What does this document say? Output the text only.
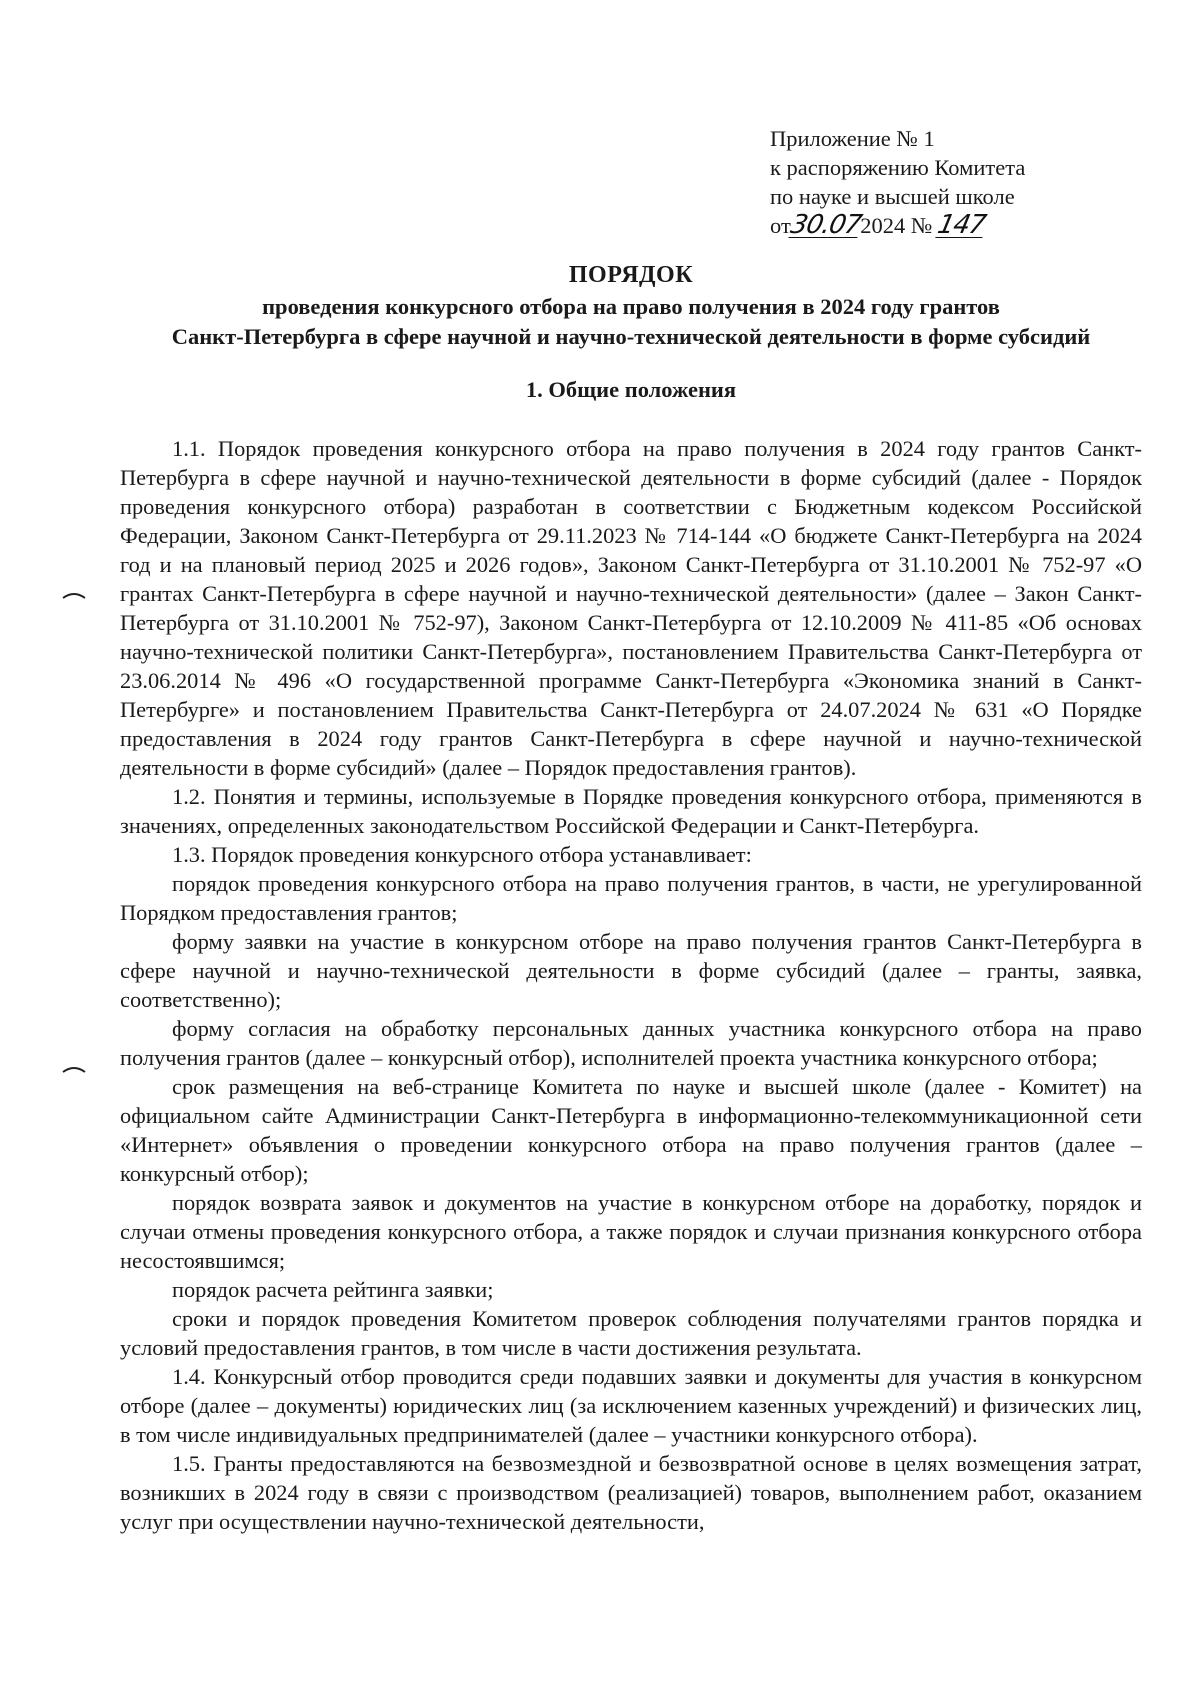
Приложение № 1
к распоряжению Комитета
по науке и высшей школе
от30.072024 № 147
ПОРЯДОК
проведения конкурсного отбора на право получения в 2024 году грантов
Санкт-Петербурга в сфере научной и научно-технической деятельности в форме субсидий
1. Общие положения

1.1. Порядок проведения конкурсного отбора на право получения в 2024 году грантов Санкт-Петербурга в сфере научной и научно-технической деятельности в форме субсидий (далее - Порядок проведения конкурсного отбора) разработан в соответствии с Бюджетным кодексом Российской Федерации, Законом Санкт-Петербурга от 29.11.2023 № 714-144 «О бюджете Санкт-Петербурга на 2024 год и на плановый период 2025 и 2026 годов», Законом Санкт-Петербурга от 31.10.2001 № 752-97 «О грантах Санкт-Петербурга в сфере научной и научно-технической деятельности» (далее – Закон Санкт-Петербурга от 31.10.2001 № 752-97), Законом Санкт-Петербурга от 12.10.2009 № 411-85 «Об основах научно-технической политики Санкт-Петербурга», постановлением Правительства Санкт-Петербурга от 23.06.2014 № 496 «О государственной программе Санкт-Петербурга «Экономика знаний в Санкт-Петербурге» и постановлением Правительства Санкт-Петербурга от 24.07.2024 № 631 «О Порядке предоставления в 2024 году грантов Санкт-Петербурга в сфере научной и научно-технической деятельности в форме субсидий» (далее – Порядок предоставления грантов).

1.2. Понятия и термины, используемые в Порядке проведения конкурсного отбора, применяются в значениях, определенных законодательством Российской Федерации и Санкт-Петербурга.

1.3. Порядок проведения конкурсного отбора устанавливает:

порядок проведения конкурсного отбора на право получения грантов, в части, не урегулированной Порядком предоставления грантов;

форму заявки на участие в конкурсном отборе на право получения грантов Санкт-Петербурга в сфере научной и научно-технической деятельности в форме субсидий (далее – гранты, заявка, соответственно);

форму согласия на обработку персональных данных участника конкурсного отбора на право получения грантов (далее – конкурсный отбор), исполнителей проекта участника конкурсного отбора;

срок размещения на веб-странице Комитета по науке и высшей школе (далее - Комитет) на официальном сайте Администрации Санкт-Петербурга в информационно-телекоммуникационной сети «Интернет» объявления о проведении конкурсного отбора на право получения грантов (далее – конкурсный отбор);

порядок возврата заявок и документов на участие в конкурсном отборе на доработку, порядок и случаи отмены проведения конкурсного отбора, а также порядок и случаи признания конкурсного отбора несостоявшимся;

порядок расчета рейтинга заявки;

сроки и порядок проведения Комитетом проверок соблюдения получателями грантов порядка и условий предоставления грантов, в том числе в части достижения результата.

1.4. Конкурсный отбор проводится среди подавших заявки и документы для участия в конкурсном отборе (далее – документы) юридических лиц (за исключением казенных учреждений) и физических лиц, в том числе индивидуальных предпринимателей (далее – участники конкурсного отбора).

1.5. Гранты предоставляются на безвозмездной и безвозвратной основе в целях возмещения затрат, возникших в 2024 году в связи с производством (реализацией) товаров, выполнением работ, оказанием услуг при осуществлении научно-технической деятельности,
